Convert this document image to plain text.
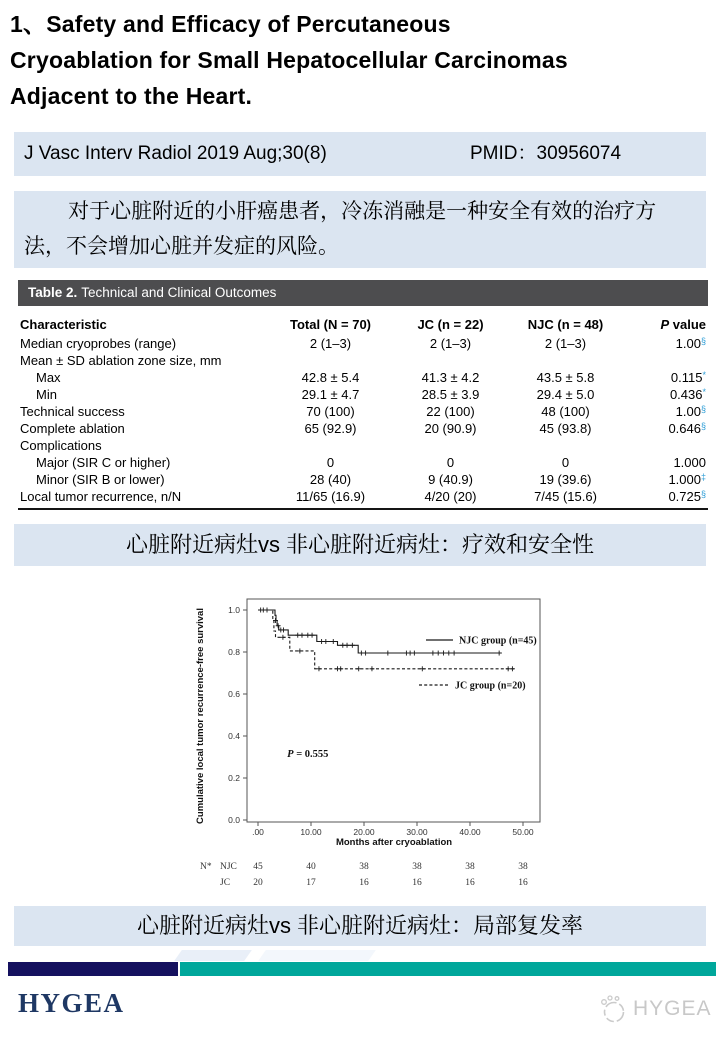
1、Safety and Efficacy of Percutaneous
Cryoablation for Small Hepatocellular Carcinomas
Adjacent to the Heart.
J Vasc Interv Radiol 2019 Aug;30(8)	PMID：30956074

对于心脏附近的小肝癌患者，冷冻消融是一种安全有效的治疗方法，不会增加心脏并发症的风险。

Table 2. Technical and Clinical Outcomes
Characteristic	Total (N = 70)	JC (n = 22)	NJC (n = 48)	P value
Median cryoprobes (range)	2 (1–3)	2 (1–3)	2 (1–3)	1.00§
Mean ± SD ablation zone size, mm
Max	42.8 ± 5.4	41.3 ± 4.2	43.5 ± 5.8	0.115*
Min	29.1 ± 4.7	28.5 ± 3.9	29.4 ± 5.0	0.436*
Technical success	70 (100)	22 (100)	48 (100)	1.00§
Complete ablation	65 (92.9)	20 (90.9)	45 (93.8)	0.646§
Complications
Major (SIR C or higher)	0	0	0	1.000
Minor (SIR B or lower)	28 (40)	9 (40.9)	19 (39.6)	1.000‡
Local tumor recurrence, n/N	11/65 (16.9)	4/20 (20)	7/45 (15.6)	0.725§
心脏附近病灶vs 非心脏附近病灶：疗效和安全性
1.0
0.8
0.6
0.4
0.2
0.0
.00	10.00	20.00	30.00	40.00	50.00
NJC group (n=45)
JC group (n=20)
P = 0.555
Months after cryoablation
Cumulative local tumor recurrence-free survival
N* NJC 45	40	38	38	38	38
JC 20	17	16	16	16	16
心脏附近病灶vs 非心脏附近病灶：局部复发率
HYGEA	HYGEA
